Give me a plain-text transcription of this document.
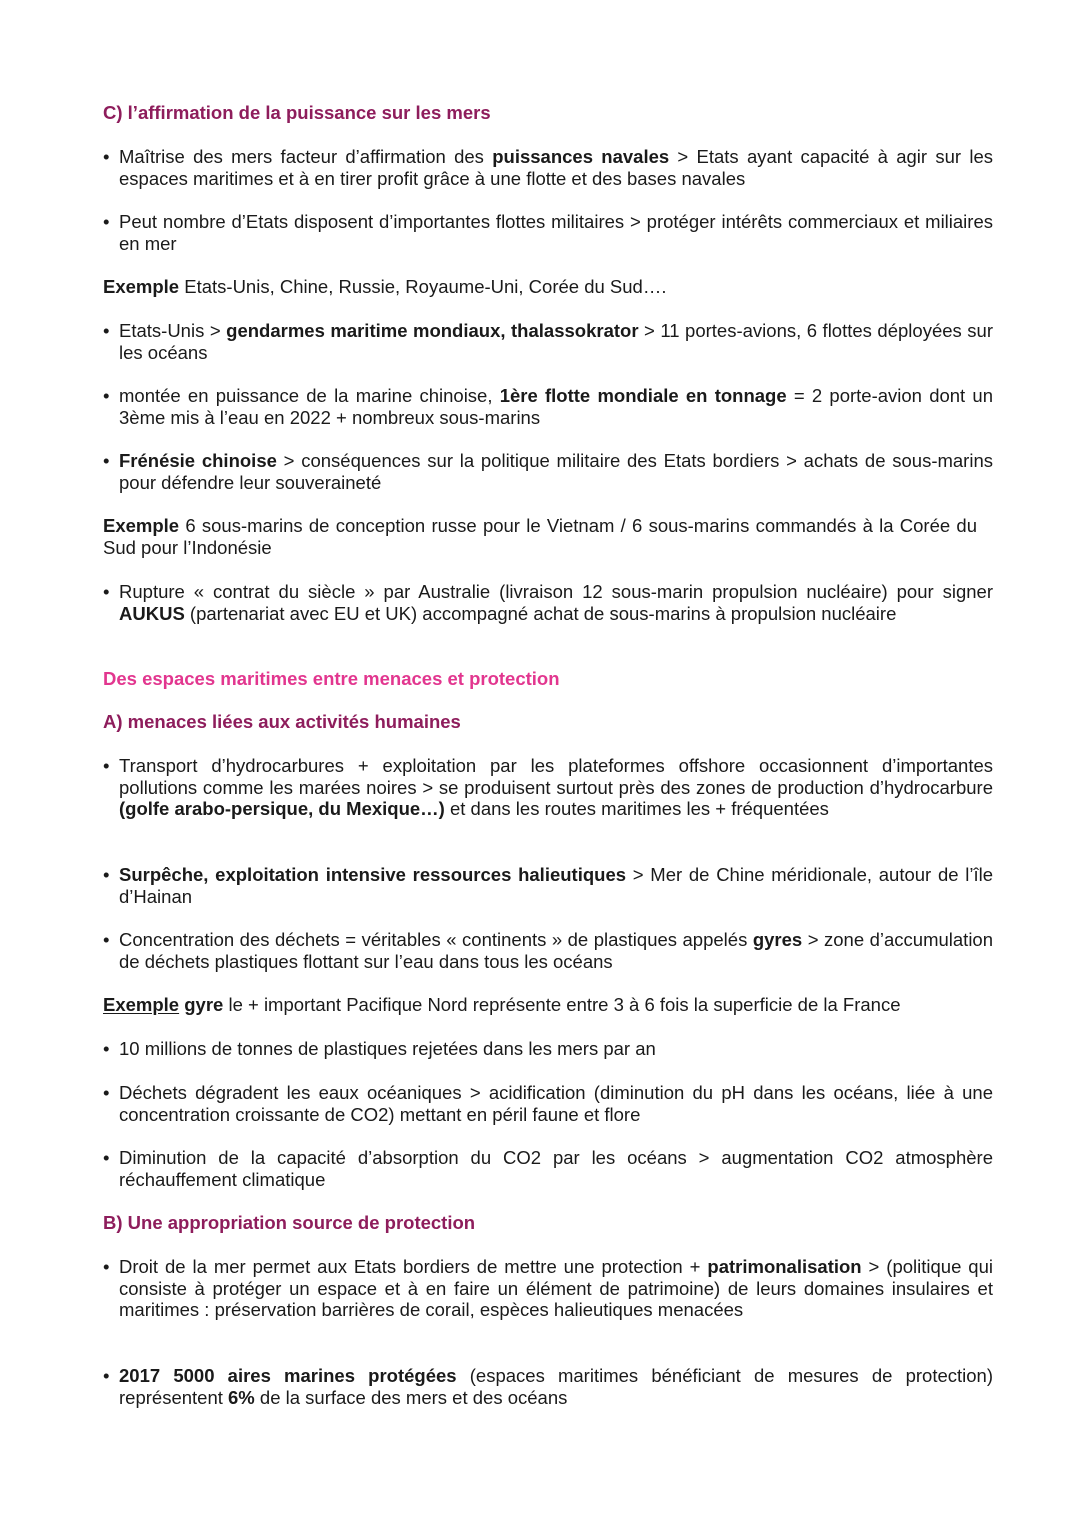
C) l’affirmation de la puissance sur les mers
• Maîtrise des mers facteur d’affirmation des puissances navales > Etats ayant capacité à agir sur les espaces maritimes et à en tirer profit grâce à une flotte et des bases navales
• Peut nombre d’Etats disposent d’importantes flottes militaires > protéger intérêts commerciaux et miliaires en mer
Exemple Etats-Unis, Chine, Russie, Royaume-Uni, Corée du Sud….
• Etats-Unis > gendarmes maritime mondiaux, thalassokrator > 11 portes-avions, 6 flottes déployées sur les océans
• montée en puissance de la marine chinoise, 1ère flotte mondiale en tonnage = 2 porte-avion dont un 3ème mis à l’eau en 2022 + nombreux sous-marins
• Frénésie chinoise > conséquences sur la politique militaire des Etats bordiers > achats de sous-marins pour défendre leur souveraineté
Exemple 6 sous-marins de conception russe pour le Vietnam / 6 sous-marins commandés à la Corée du Sud pour l’Indonésie
• Rupture « contrat du siècle » par Australie (livraison 12 sous-marin propulsion nucléaire) pour signer AUKUS (partenariat avec EU et UK) accompagné achat de sous-marins à propulsion nucléaire
Des espaces maritimes entre menaces et protection
A) menaces liées aux activités humaines
• Transport d’hydrocarbures + exploitation par les plateformes offshore occasionnent d’importantes pollutions comme les marées noires > se produisent surtout près des zones de production d’hydrocarbure (golfe arabo-persique, du Mexique…) et dans les routes maritimes les + fréquentées
• Surpêche, exploitation intensive ressources halieutiques > Mer de Chine méridionale, autour de l’île d’Hainan
• Concentration des déchets = véritables « continents » de plastiques appelés gyres > zone d’accumulation de déchets plastiques flottant sur l’eau dans tous les océans
Exemple gyre le + important Pacifique Nord représente entre 3 à 6 fois la superficie de la France
• 10 millions de tonnes de plastiques rejetées dans les mers par an
• Déchets dégradent les eaux océaniques > acidification (diminution du pH dans les océans, liée à une concentration croissante de CO2) mettant en péril faune et flore
• Diminution de la capacité d’absorption du CO2 par les océans > augmentation CO2 atmosphère réchauffement climatique
B) Une appropriation source de protection
• Droit de la mer permet aux Etats bordiers de mettre une protection + patrimonalisation > (politique qui consiste à protéger un espace et à en faire un élément de patrimoine) de leurs domaines insulaires et maritimes : préservation barrières de corail, espèces halieutiques menacées
• 2017 5000 aires marines protégées (espaces maritimes bénéficiant de mesures de protection) représentent 6% de la surface des mers et des océans
